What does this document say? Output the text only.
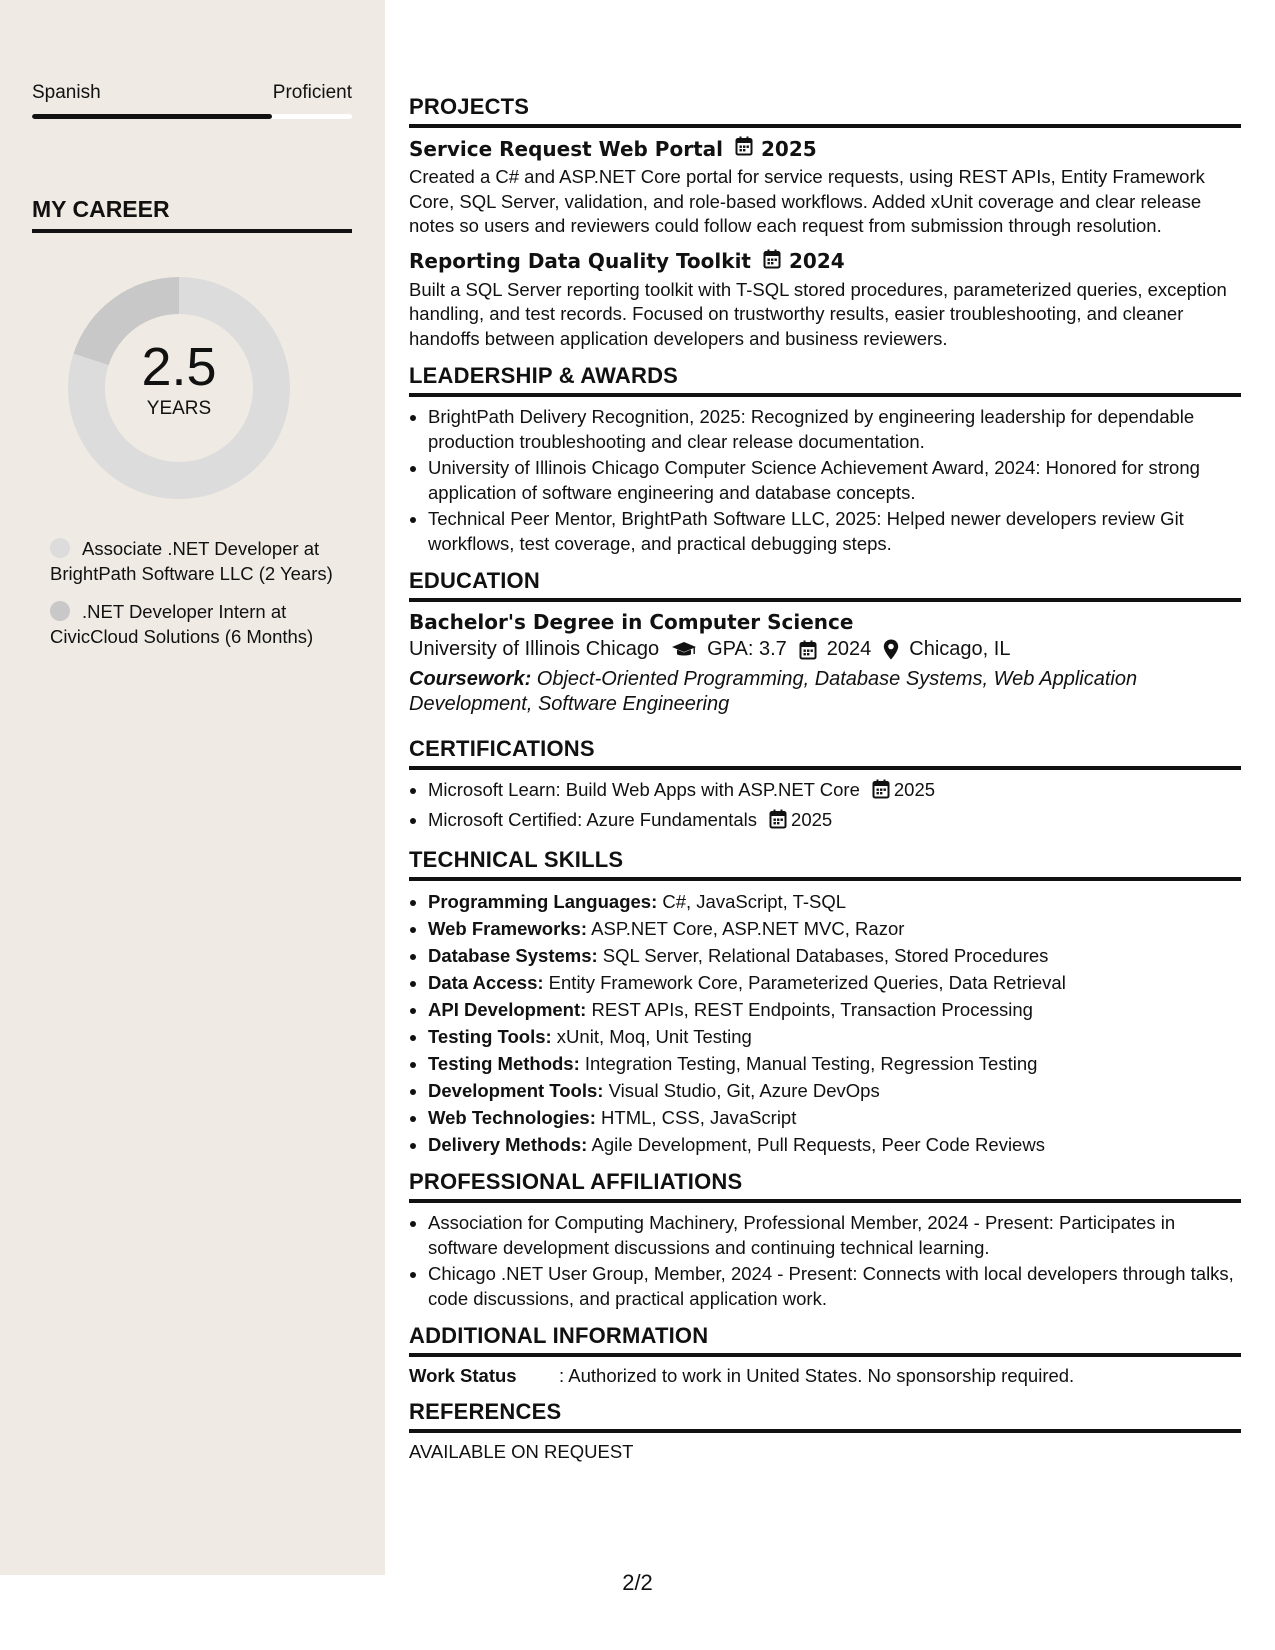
Spanish	Proficient
MY CAREER
2.5
YEARS
Associate .NET Developer at BrightPath Software LLC (2 Years)
.NET Developer Intern at CivicCloud Solutions (6 Months)
PROJECTS
Service Request Web Portal 2025

Created a C# and ASP.NET Core portal for service requests, using REST APIs, Entity Framework Core, SQL Server, validation, and role-based workflows. Added xUnit coverage and clear release notes so users and reviewers could follow each request from submission through resolution.

Reporting Data Quality Toolkit 2024

Built a SQL Server reporting toolkit with T-SQL stored procedures, parameterized queries, exception handling, and test records. Focused on trustworthy results, easier troubleshooting, and cleaner handoffs between application developers and business reviewers.

LEADERSHIP & AWARDS
• BrightPath Delivery Recognition, 2025: Recognized by engineering leadership for dependable production troubleshooting and clear release documentation.
• University of Illinois Chicago Computer Science Achievement Award, 2024: Honored for strong application of software engineering and database concepts.
• Technical Peer Mentor, BrightPath Software LLC, 2025: Helped newer developers review Git workflows, test coverage, and practical debugging steps.
EDUCATION
Bachelor's Degree in Computer Science
University of Illinois Chicago GPA: 3.7 2024 Chicago, IL
Coursework: Object-Oriented Programming, Database Systems, Web Application Development, Software Engineering
CERTIFICATIONS
• Microsoft Learn: Build Web Apps with ASP.NET Core 2025
• Microsoft Certified: Azure Fundamentals 2025
TECHNICAL SKILLS
• Programming Languages: C#, JavaScript, T-SQL
• Web Frameworks: ASP.NET Core, ASP.NET MVC, Razor
• Database Systems: SQL Server, Relational Databases, Stored Procedures
• Data Access: Entity Framework Core, Parameterized Queries, Data Retrieval
• API Development: REST APIs, REST Endpoints, Transaction Processing
• Testing Tools: xUnit, Moq, Unit Testing
• Testing Methods: Integration Testing, Manual Testing, Regression Testing
• Development Tools: Visual Studio, Git, Azure DevOps
• Web Technologies: HTML, CSS, JavaScript
• Delivery Methods: Agile Development, Pull Requests, Peer Code Reviews
PROFESSIONAL AFFILIATIONS
• Association for Computing Machinery, Professional Member, 2024 - Present: Participates in software development discussions and continuing technical learning.
• Chicago .NET User Group, Member, 2024 - Present: Connects with local developers through talks, code discussions, and practical application work.
ADDITIONAL INFORMATION
Work Status	: Authorized to work in United States. No sponsorship required.
REFERENCES
AVAILABLE ON REQUEST
2/2
